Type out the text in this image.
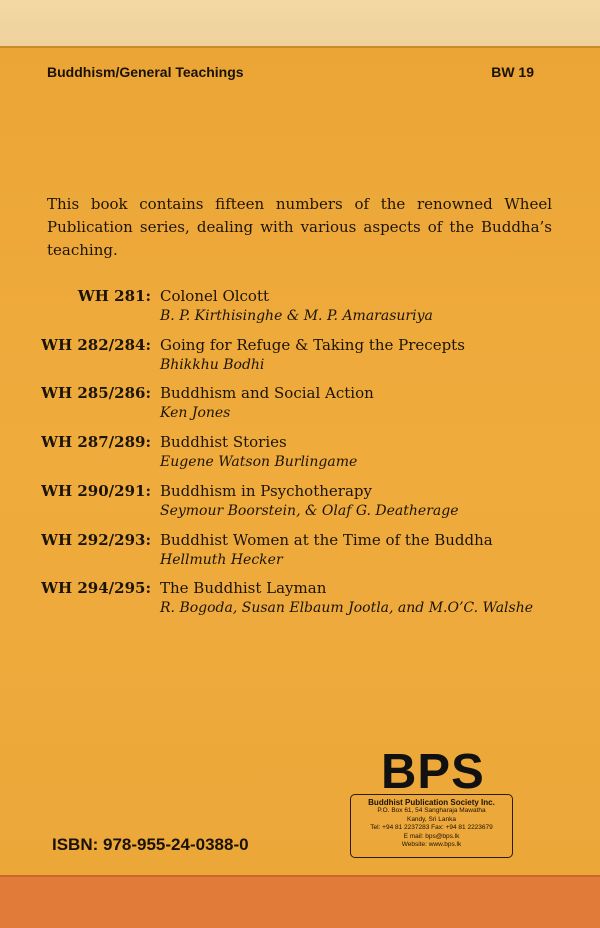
Buddhism/General Teachings	BW 19
This book contains fifteen numbers of the renowned Wheel Publication series, dealing with various aspects of the Buddha’s teaching.
WH 281: Colonel Olcott
B. P. Kirthisinghe & M. P. Amarasuriya
WH 282/284: Going for Refuge & Taking the Precepts
Bhikkhu Bodhi
WH 285/286: Buddhism and Social Action
Ken Jones
WH 287/289: Buddhist Stories
Eugene Watson Burlingame
WH 290/291: Buddhism in Psychotherapy
Seymour Boorstein, & Olaf G. Deatherage
WH 292/293: Buddhist Women at the Time of the Buddha
Hellmuth Hecker
WH 294/295: The Buddhist Layman
R. Bogoda, Susan Elbaum Jootla, and M.O’C. Walshe
BPS
Buddhist Publication Society Inc.
P.O. Box 61, 54 Sangharaja Mawatha
Kandy, Sri Lanka
Tel: +94 81 2237283 Fax: +94 81 2223679
E mail: bps@bps.lk
Website: www.bps.lk
ISBN: 978-955-24-0388-0
